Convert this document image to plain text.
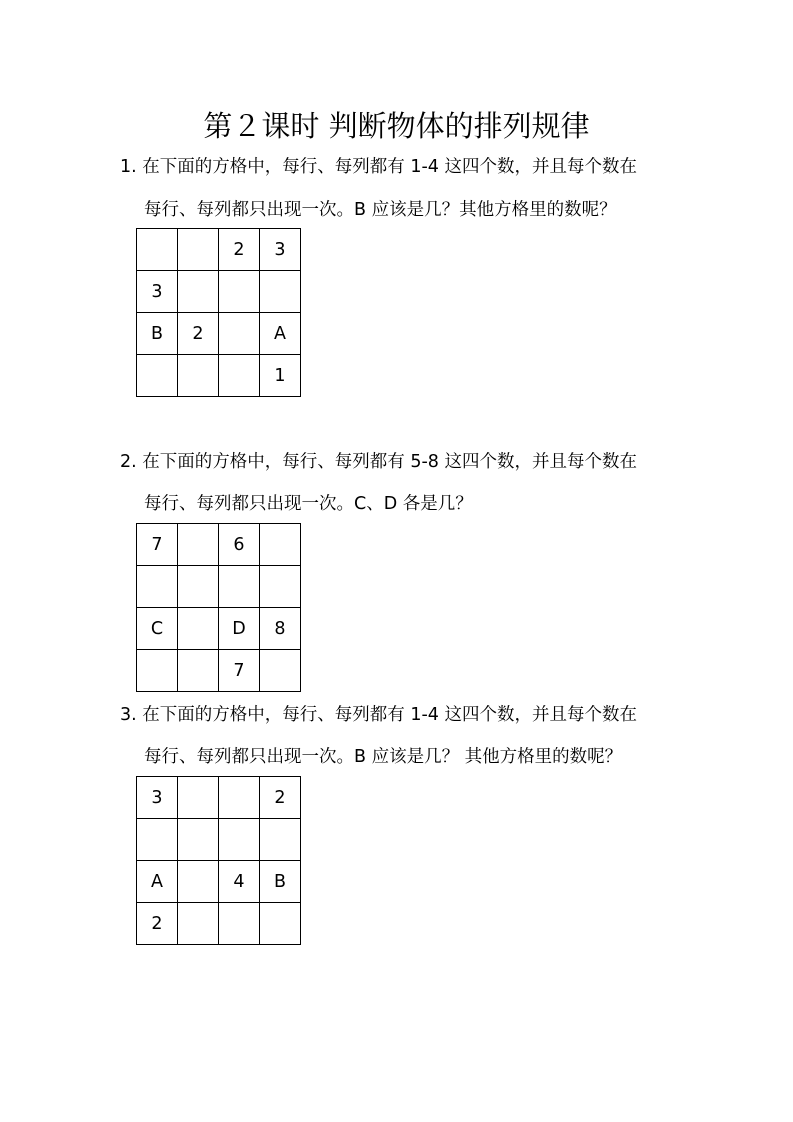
第２课时 判断物体的排列规律
1. 在下面的方格中，每行、每列都有 1-4 这四个数，并且每个数在
每行、每列都只出现一次。B 应该是几？其他方格里的数呢？
		2	3
3			
B	2		A
			1
2. 在下面的方格中，每行、每列都有 5-8 这四个数，并且每个数在
每行、每列都只出现一次。C、D 各是几？
7		6	

C		D	8
		7	
3. 在下面的方格中，每行、每列都有 1-4 这四个数，并且每个数在
每行、每列都只出现一次。B 应该是几？ 其他方格里的数呢？
3			2

A		4	B
2			
